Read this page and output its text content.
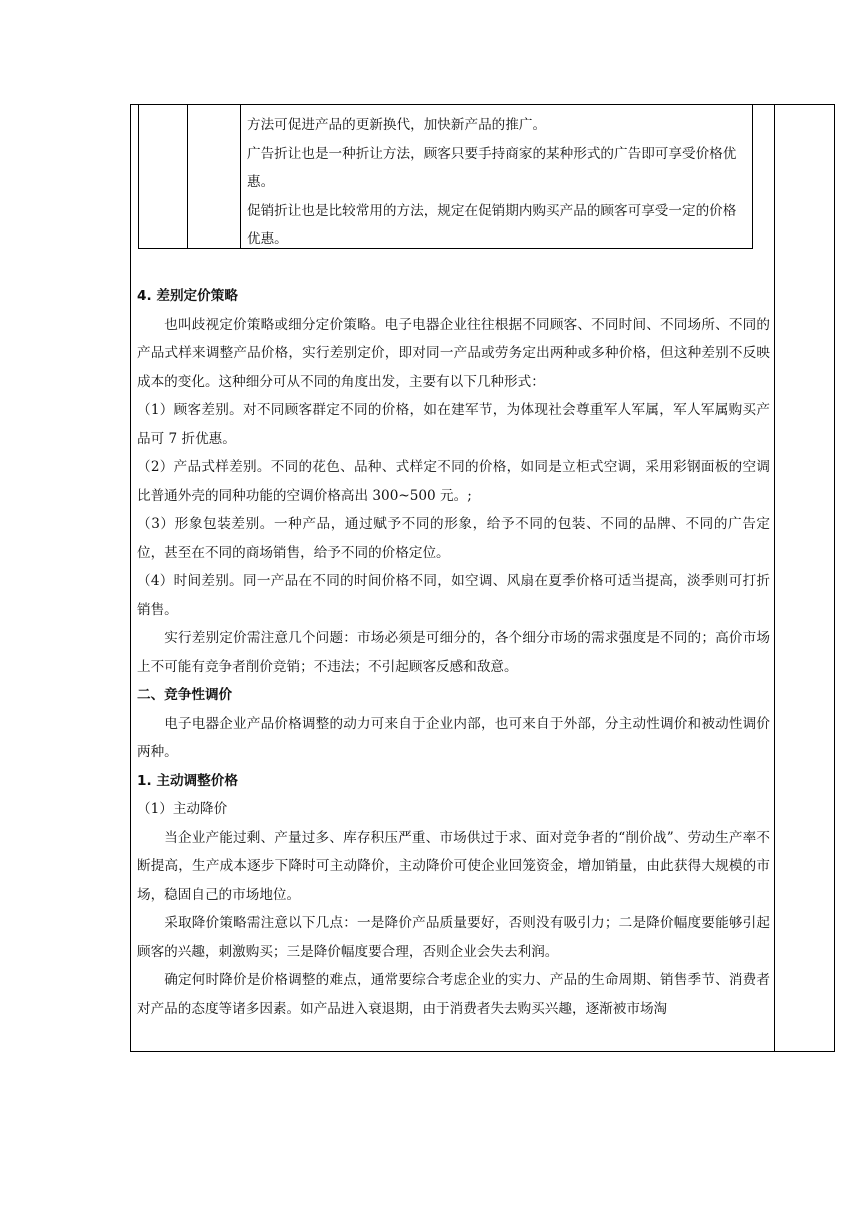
方法可促进产品的更新换代，加快新产品的推广。

广告折让也是一种折让方法，顾客只要手持商家的某种形式的广告即可享受价格优惠。

促销折让也是比较常用的方法，规定在促销期内购买产品的顾客可享受一定的价格优惠。

4. 差别定价策略

也叫歧视定价策略或细分定价策略。电子电器企业往往根据不同顾客、不同时间、不同场所、不同的产品式样来调整产品价格，实行差别定价，即对同一产品或劳务定出两种或多种价格，但这种差别不反映成本的变化。这种细分可从不同的角度出发，主要有以下几种形式：

（1）顾客差别。对不同顾客群定不同的价格，如在建军节，为体现社会尊重军人军属，军人军属购买产品可 7 折优惠。

（2）产品式样差别。不同的花色、品种、式样定不同的价格，如同是立柜式空调，采用彩钢面板的空调比普通外壳的同种功能的空调价格高出 300~500 元。;

（3）形象包装差别。一种产品，通过赋予不同的形象，给予不同的包装、不同的品牌、不同的广告定位，甚至在不同的商场销售，给予不同的价格定位。

（4）时间差别。同一产品在不同的时间价格不同，如空调、风扇在夏季价格可适当提高，淡季则可打折销售。

实行差别定价需注意几个问题：市场必须是可细分的，各个细分市场的需求强度是不同的；高价市场上不可能有竞争者削价竞销；不违法；不引起顾客反感和敌意。

二、竞争性调价

电子电器企业产品价格调整的动力可来自于企业内部，也可来自于外部，分主动性调价和被动性调价两种。

1. 主动调整价格

（1）主动降价

当企业产能过剩、产量过多、库存积压严重、市场供过于求、面对竞争者的“削价战”、劳动生产率不断提高，生产成本逐步下降时可主动降价，主动降价可使企业回笼资金，增加销量，由此获得大规模的市场，稳固自己的市场地位。

采取降价策略需注意以下几点：一是降价产品质量要好，否则没有吸引力；二是降价幅度要能够引起顾客的兴趣，刺激购买；三是降价幅度要合理，否则企业会失去利润。

确定何时降价是价格调整的难点，通常要综合考虑企业的实力、产品的生命周期、销售季节、消费者对产品的态度等诸多因素。如产品进入衰退期，由于消费者失去购买兴趣，逐渐被市场淘
